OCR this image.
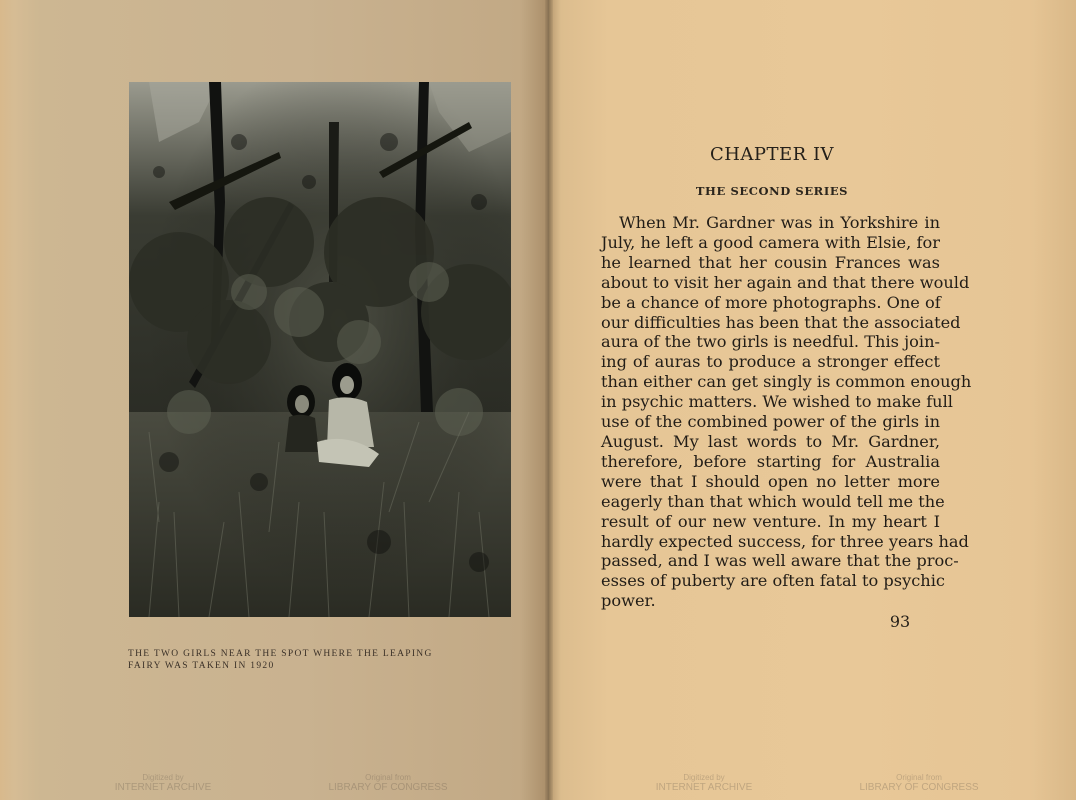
THE TWO GIRLS NEAR THE SPOT WHERE THE LEAPING
FAIRY WAS TAKEN IN 1920
CHAPTER IV
THE SECOND SERIES
When Mr. Gardner was in Yorkshire in
July, he left a good camera with Elsie, for
he learned that her cousin Frances was
about to visit her again and that there would
be a chance of more photographs. One of
our difficulties has been that the associated
aura of the two girls is needful. This join-
ing of auras to produce a stronger effect
than either can get singly is common enough
in psychic matters. We wished to make full
use of the combined power of the girls in
August. My last words to Mr. Gardner,
therefore, before starting for Australia
were that I should open no letter more
eagerly than that which would tell me the
result of our new venture. In my heart I
hardly expected success, for three years had
passed, and I was well aware that the proc-
esses of puberty are often fatal to psychic
power.
93
Digitized by
INTERNET ARCHIVE
Original from
LIBRARY OF CONGRESS
Digitized by
INTERNET ARCHIVE
Original from
LIBRARY OF CONGRESS
